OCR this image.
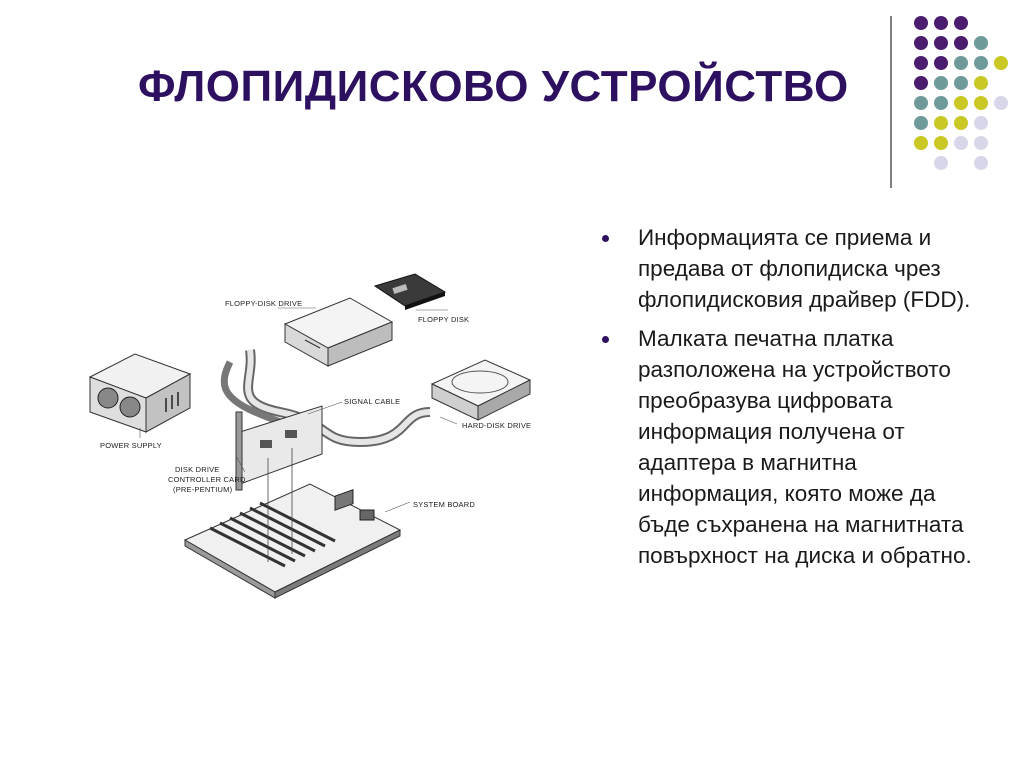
ФЛОПИДИСКОВО УСТРОЙСТВО
Информацията се приема и предава от флопидиска чрез флопидисковия драйвер (FDD).
Малката печатна платка разположена на устройството преобразува цифровата информация получена от адаптера в магнитна информация, която може да бъде съхранена на магнитната повърхност на диска и обратно.
FLOPPY-DISK DRIVE
FLOPPY DISK
SIGNAL CABLE
HARD-DISK DRIVE
POWER SUPPLY
DISK DRIVE
CONTROLLER CARD
(PRE-PENTIUM)
SYSTEM BOARD
